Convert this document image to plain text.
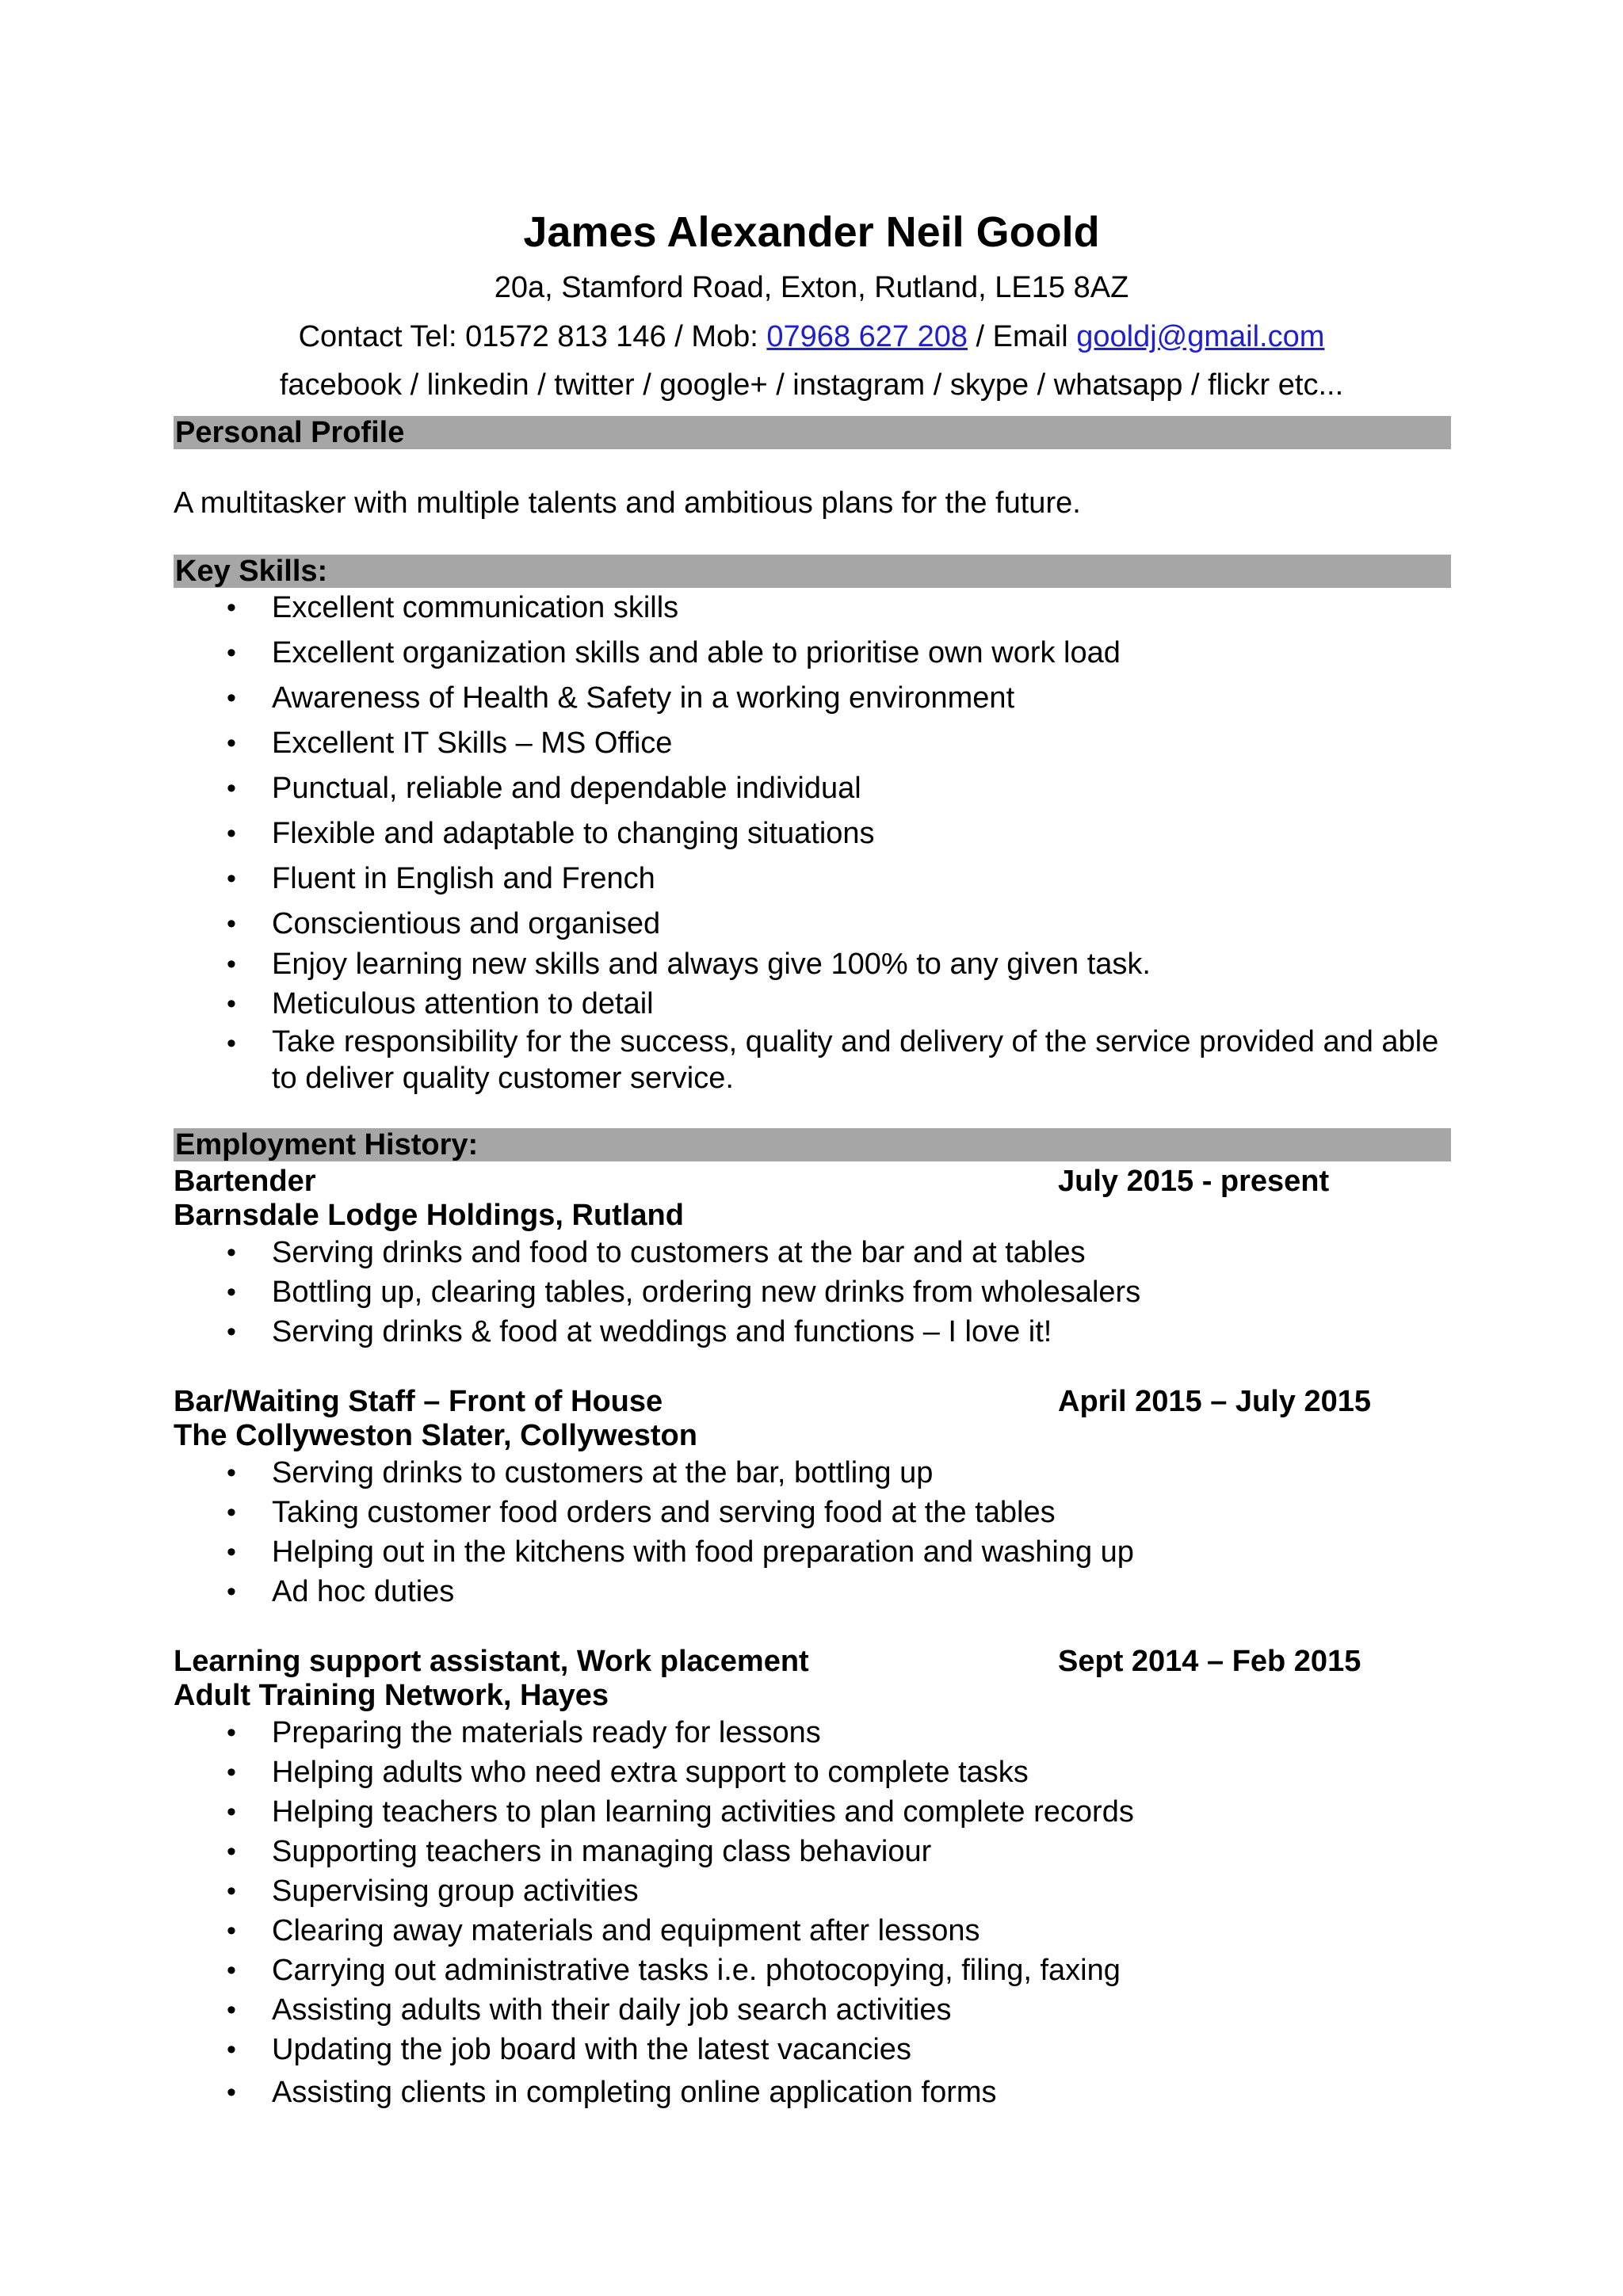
James Alexander Neil Goold
20a, Stamford Road, Exton, Rutland, LE15 8AZ
Contact Tel: 01572 813 146 / Mob: 07968 627 208 / Email gooldj@gmail.com
facebook / linkedin / twitter / google+ / instagram / skype / whatsapp / flickr etc...
Personal Profile
A multitasker with multiple talents and ambitious plans for the future.
Key Skills:
• Excellent communication skills
• Excellent organization skills and able to prioritise own work load
• Awareness of Health & Safety in a working environment
• Excellent IT Skills – MS Office
• Punctual, reliable and dependable individual
• Flexible and adaptable to changing situations
• Fluent in English and French
• Conscientious and organised
• Enjoy learning new skills and always give 100% to any given task.
• Meticulous attention to detail
• Take responsibility for the success, quality and delivery of the service provided and able to deliver quality customer service.
Employment History:
Bartender	July 2015 - present
Barnsdale Lodge Holdings, Rutland
• Serving drinks and food to customers at the bar and at tables
• Bottling up, clearing tables, ordering new drinks from wholesalers
• Serving drinks & food at weddings and functions – I love it!
Bar/Waiting Staff – Front of House	April 2015 – July 2015
The Collyweston Slater, Collyweston
• Serving drinks to customers at the bar, bottling up
• Taking customer food orders and serving food at the tables
• Helping out in the kitchens with food preparation and washing up
• Ad hoc duties
Learning support assistant, Work placement	Sept 2014 – Feb 2015
Adult Training Network, Hayes
• Preparing the materials ready for lessons
• Helping adults who need extra support to complete tasks
• Helping teachers to plan learning activities and complete records
• Supporting teachers in managing class behaviour
• Supervising group activities
• Clearing away materials and equipment after lessons
• Carrying out administrative tasks i.e. photocopying, filing, faxing
• Assisting adults with their daily job search activities
• Updating the job board with the latest vacancies
• Assisting clients in completing online application forms
